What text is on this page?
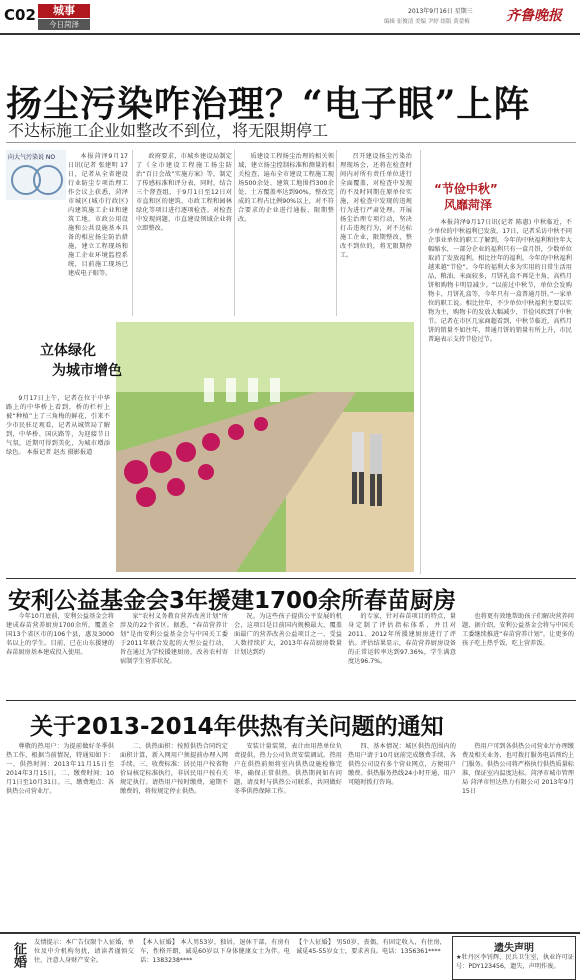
C02	城事
今日菏泽
2013年9月16日 星期三
编辑 崔俊清 美编 尹婷 组版 黄蕾梅	齐鲁晚报
扬尘污染咋治理？“电子眼”上阵
不达标施工企业如整改不到位，将无限期停工
向大气污染说 NO	本报菏泽9月17日讯(记者 张建明 17日，记者从全省建设行业防尘专项治理工作会议上获悉，菏泽市城区(城市行政区)内建筑施工企业和建筑工地，市政公用设施和公共设施基本具备的相应扬尘防治措施，建立工程现场和施工企业环境监控系统，目前施工现场已建成电子眼等。

政府要求，市城乡建设局制定了《全市建设工程施工扬尘防治“百日会战”实施方案》等，制定了传感标准和评分表，同时，结合三个督查组，于9月1日至12日对市直和区的建筑、市政工程和园林绿化等项目进行逐项检查。对检查中发现问题，市直建设领域企业将立即整改。

质建设工程扬尘治理的相关领域，建立扬尘控制标准和测量的相关检查，遍布全市建设工程施工现场500余处、建筑工地围挡300余处、土方覆盖率达到90%，整改完成的工程占比例90%以上，对不符合要求的企业进行通报，限期整改。

召开建设扬尘污染治理现场会，还将在检查时间内对所有责任单位进行全面覆盖，对检查中发现的不及时同期在原单位实施，对检查中发现的违规行为进行严肃处理。开展扬尘治理专项行动，坚决打击违规行为，对不达标施工企业，限期整改，整改不到位的，将无限期停工。

立体绿化
为城市增色

9月17日上午，记者在位于中华路上的中华桥上看到，桥的栏杆上被“种植”上了三角梅的鲜花，引来不少市民驻足观看，记者从城管局了解到，中华桥、国庆路等，为迎接节日气氛，近期可得到美化，为城市增添绿色。 本报记者 赵杰 摄影报道

“节俭中秋”
风靡菏泽

本报菏泽9月17日讯(记者 陈惠) 中秋临近，不少单位的中秋福利已发放，17日，记者采访中秋不同企事业单位的职工了解到，今年的中秋福利和往年大幅缩水，一部分企业的福利只有一盒月饼，少数单位取消了发放福利。相比往年的福利，今年的中秋福利越来越“节俭”。今年的福利大多为实用的日常生活用品，粮油、米面较多，月饼礼盒不再是主角，高档月饼和购物卡明显减少。“以前过中秋节，单位会发购物卡、月饼礼盒等，今年只有一盒普通月饼。”一家单位的职工说。相比往年，不少单位中秋福利主要以实物为主，购物卡的发放大幅减少，节俭风吹到了中秋节。记者在市区几家商超看到，中秋节临近，高档月饼的销量不如往年，普通月饼的销量有所上升，市民普遍表示支持节俭过节。

安利公益基金会3年援建1700余所春苗厨房

今年10月底前，安利公益基金会将建成春苗营养厨房1700余所，覆盖全国13个省区市的106个县，惠及3000名以上的学生。目前，已在山东援建的春苗厨房基本建成投入使用。

家“农村义务教育营养改善计划”所涉及的22个省区。据悉，“春苗营养计划”是由安利公益基金会与中国关工委于2011年联合发起的大型公益行动，旨在通过为学校援建厨房，改善农村寄宿制学生营养状况。

况。为这些孩子提供公平发展的机会，这项目是目前国内规模最大、覆盖面最广的营养改善公益项目之一，受益人数持续扩大，2013年春苗厨房数量计划达到约

的专家，针对春苗项目的特点，量身定制了评估指标体系，并且对2011、2012年所援建厨房进行了评估。评估结果显示，春苗营养厨房设备的正常运转率达到97.36%，学生满意度达96.7%。

也将更有效地帮助孩子们解决营养问题，据介绍，安利公益基金会将与中国关工委继续推进“春苗营养计划”，让更多的孩子吃上热乎饭、吃上营养饭。

关于2013-2014年供热有关问题的通知

尊敬的热用户：为提前做好冬季供热工作，根据当前情况，特通知如下：一、供热时间：2013年11月15日至2014年3月15日。二、缴费时间：10月1日至10月31日。三、缴费地点：各供热公司营业厅。

二、供热面积：按照供热合同约定面积计算，新入网用户须提前办理入网手续。三、收费标准：居民用户按省物价局核定标准执行，非居民用户按有关规定执行。请热用户按时缴费，逾期不缴费的，将按规定停止供热。

安装计量装置，表计由用热单位负责提供，热力公司负责安装调试。热用户在供热前须将室内供热设施检修完毕，确保正常供热。供热期间如有问题，请及时与供热公司联系，共同做好冬季供热保障工作。

四、基本情况：城区供热范围内的热用户请于10月底前完成缴费手续，各供热公司设有多个营业网点，方便用户缴费。供热服务热线24小时开通，用户可随时拨打咨询。

热用户可到各供热公司营业厅办理缴费及相关业务，也可拨打服务电话预约上门服务。供热公司将严格执行供热质量标准，保证室内温度达标。菏泽市城市管理局 菏泽市恒达热力有限公司 2013年9月15日

征婚	友情提示：本广告仅限个人征婚，单位及中介机构勿扰，请读者谨慎交往，注意人身财产安全。
【本人征婚】 本人男53岁，独居，退休干部，有房有车，性格开朗，诚觅60岁以下身体健康女士为伴。电话：1383238****
【个人征婚】 男50岁，丧偶，有固定收入，有住房，诚觅45-55岁女士，要求善良。电话：1356361****	遗失声明
★牡丹区李钊辉，民兵卫生室，执业许可证号：PDY123456，遗失，声明作废。
